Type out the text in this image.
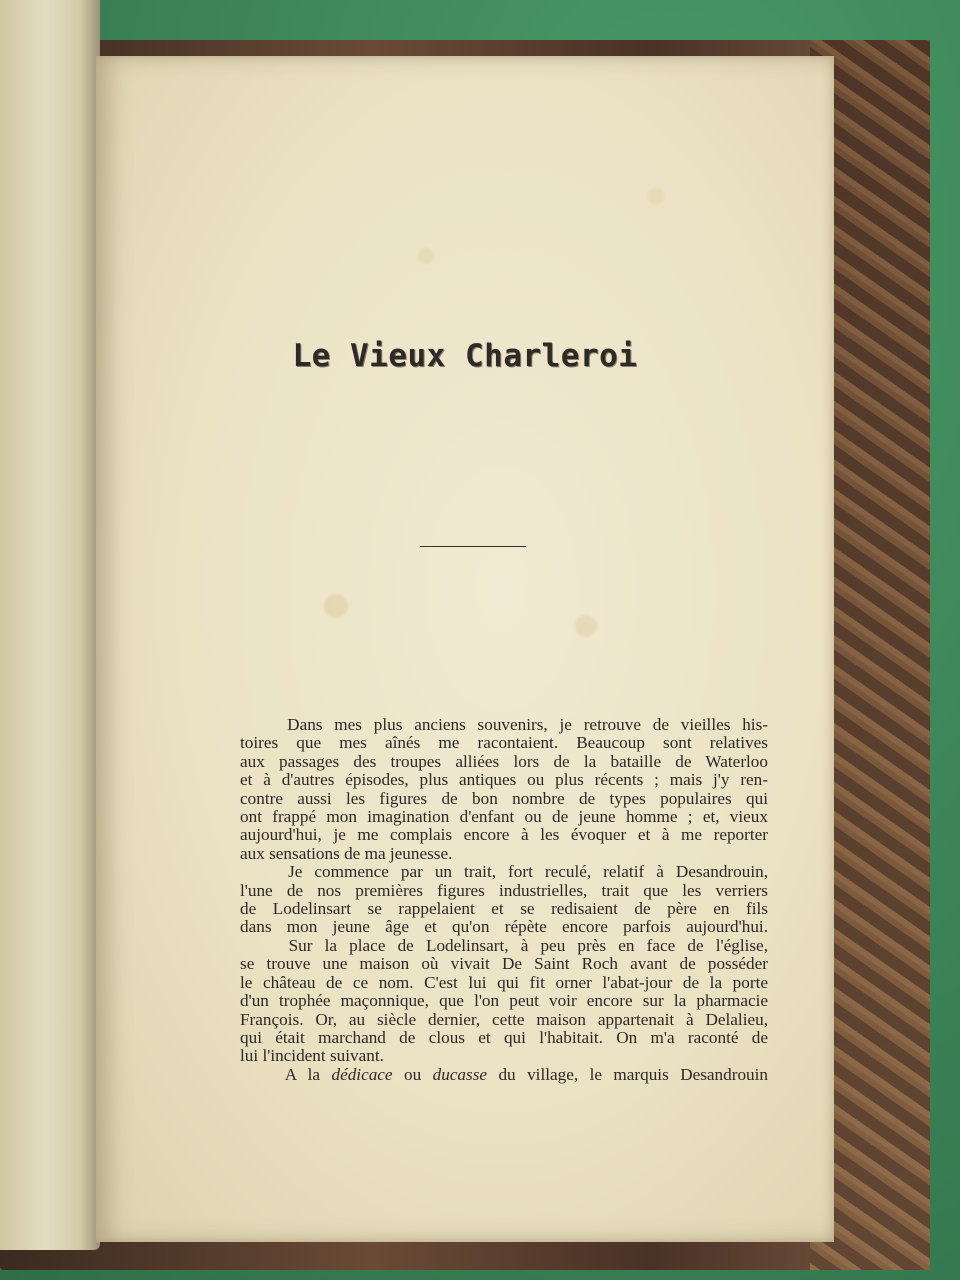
Le Vieux Charleroi
Dans mes plus anciens souvenirs, je retrouve de vieilles his-
toires que mes aînés me racontaient. Beaucoup sont relatives
aux passages des troupes alliées lors de la bataille de Waterloo
et à d'autres épisodes, plus antiques ou plus récents ; mais j'y ren-
contre aussi les figures de bon nombre de types populaires qui
ont frappé mon imagination d'enfant ou de jeune homme ; et, vieux
aujourd'hui, je me complais encore à les évoquer et à me reporter
aux sensations de ma jeunesse.
Je commence par un trait, fort reculé, relatif à Desandrouin,
l'une de nos premières figures industrielles, trait que les verriers
de Lodelinsart se rappelaient et se redisaient de père en fils
dans mon jeune âge et qu'on répète encore parfois aujourd'hui.
Sur la place de Lodelinsart, à peu près en face de l'église,
se trouve une maison où vivait De Saint Roch avant de posséder
le château de ce nom. C'est lui qui fit orner l'abat-jour de la porte
d'un trophée maçonnique, que l'on peut voir encore sur la pharmacie
François. Or, au siècle dernier, cette maison appartenait à Delalieu,
qui était marchand de clous et qui l'habitait. On m'a raconté de
lui l'incident suivant.
A la dédicace ou ducasse du village, le marquis Desandrouin
